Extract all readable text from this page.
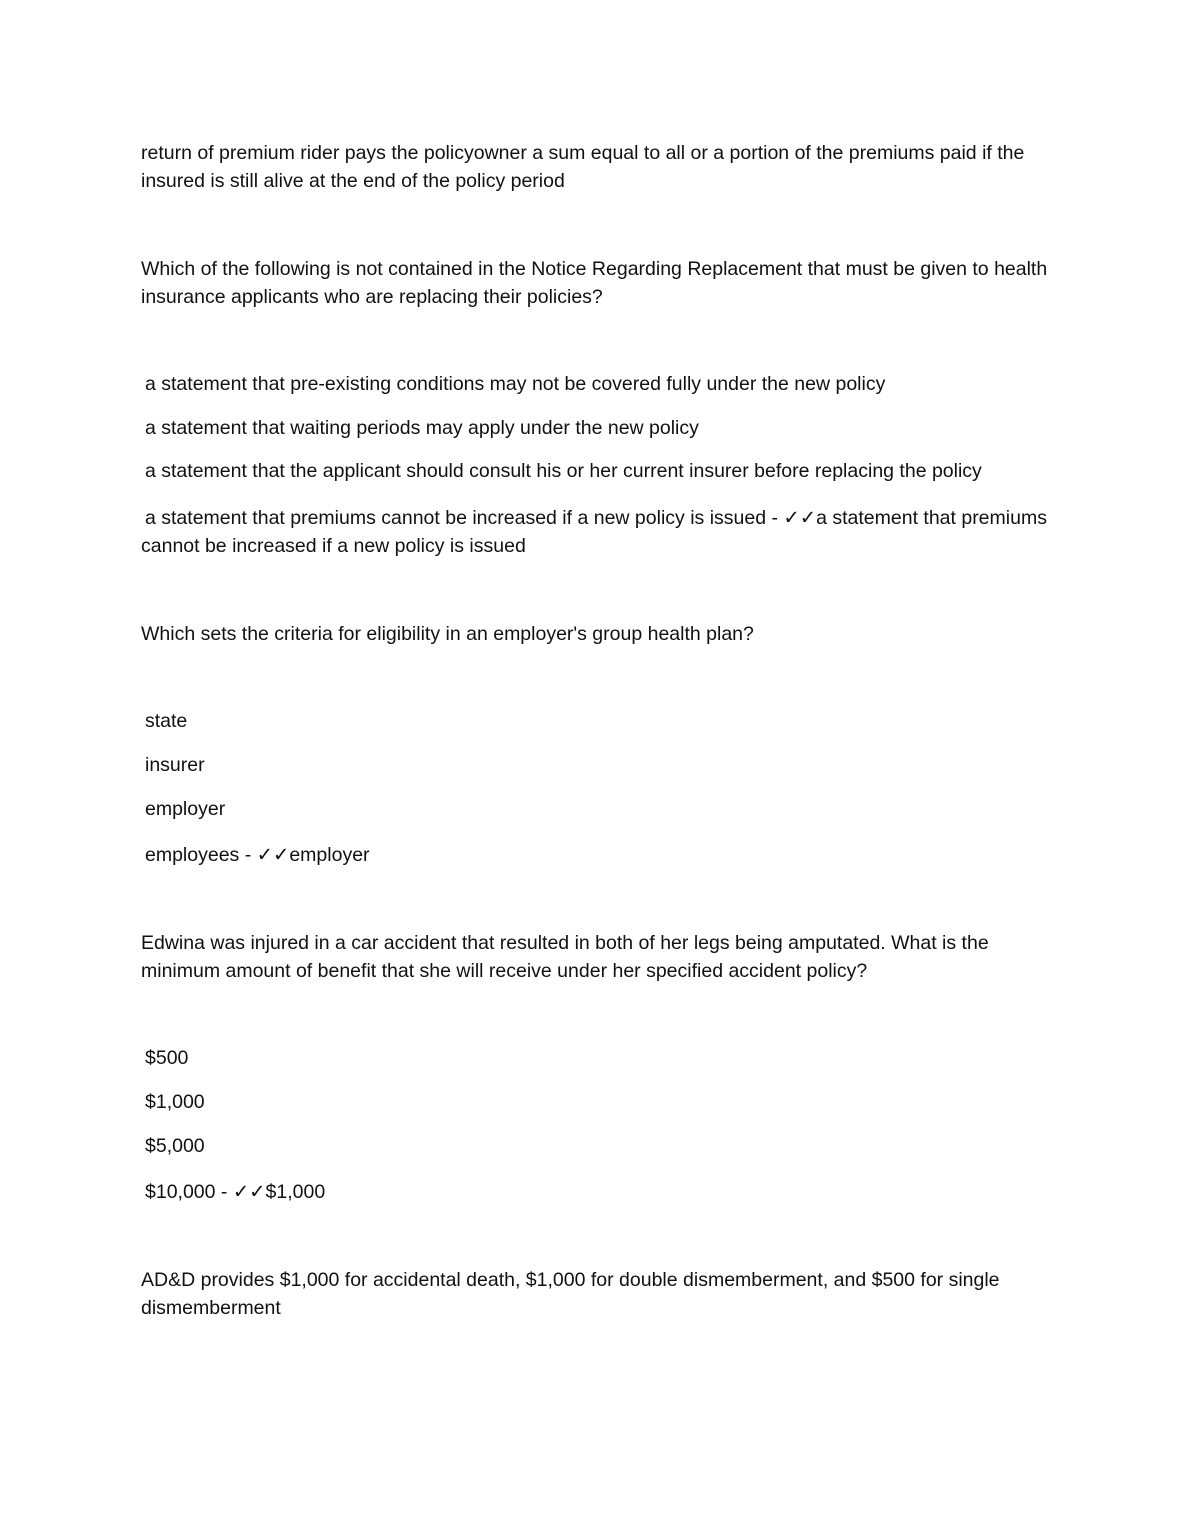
return of premium rider pays the policyowner a sum equal to all or a portion of the premiums paid if the insured is still alive at the end of the policy period

Which of the following is not contained in the Notice Regarding Replacement that must be given to health insurance applicants who are replacing their policies?

a statement that pre-existing conditions may not be covered fully under the new policy

a statement that waiting periods may apply under the new policy

a statement that the applicant should consult his or her current insurer before replacing the policy

a statement that premiums cannot be increased if a new policy is issued - ✓✓a statement that premiums cannot be increased if a new policy is issued

Which sets the criteria for eligibility in an employer's group health plan?

state

insurer

employer

employees - ✓✓employer

Edwina was injured in a car accident that resulted in both of her legs being amputated. What is the minimum amount of benefit that she will receive under her specified accident policy?

$500

$1,000

$5,000

$10,000 - ✓✓$1,000

AD&D provides $1,000 for accidental death, $1,000 for double dismemberment, and $500 for single dismemberment
